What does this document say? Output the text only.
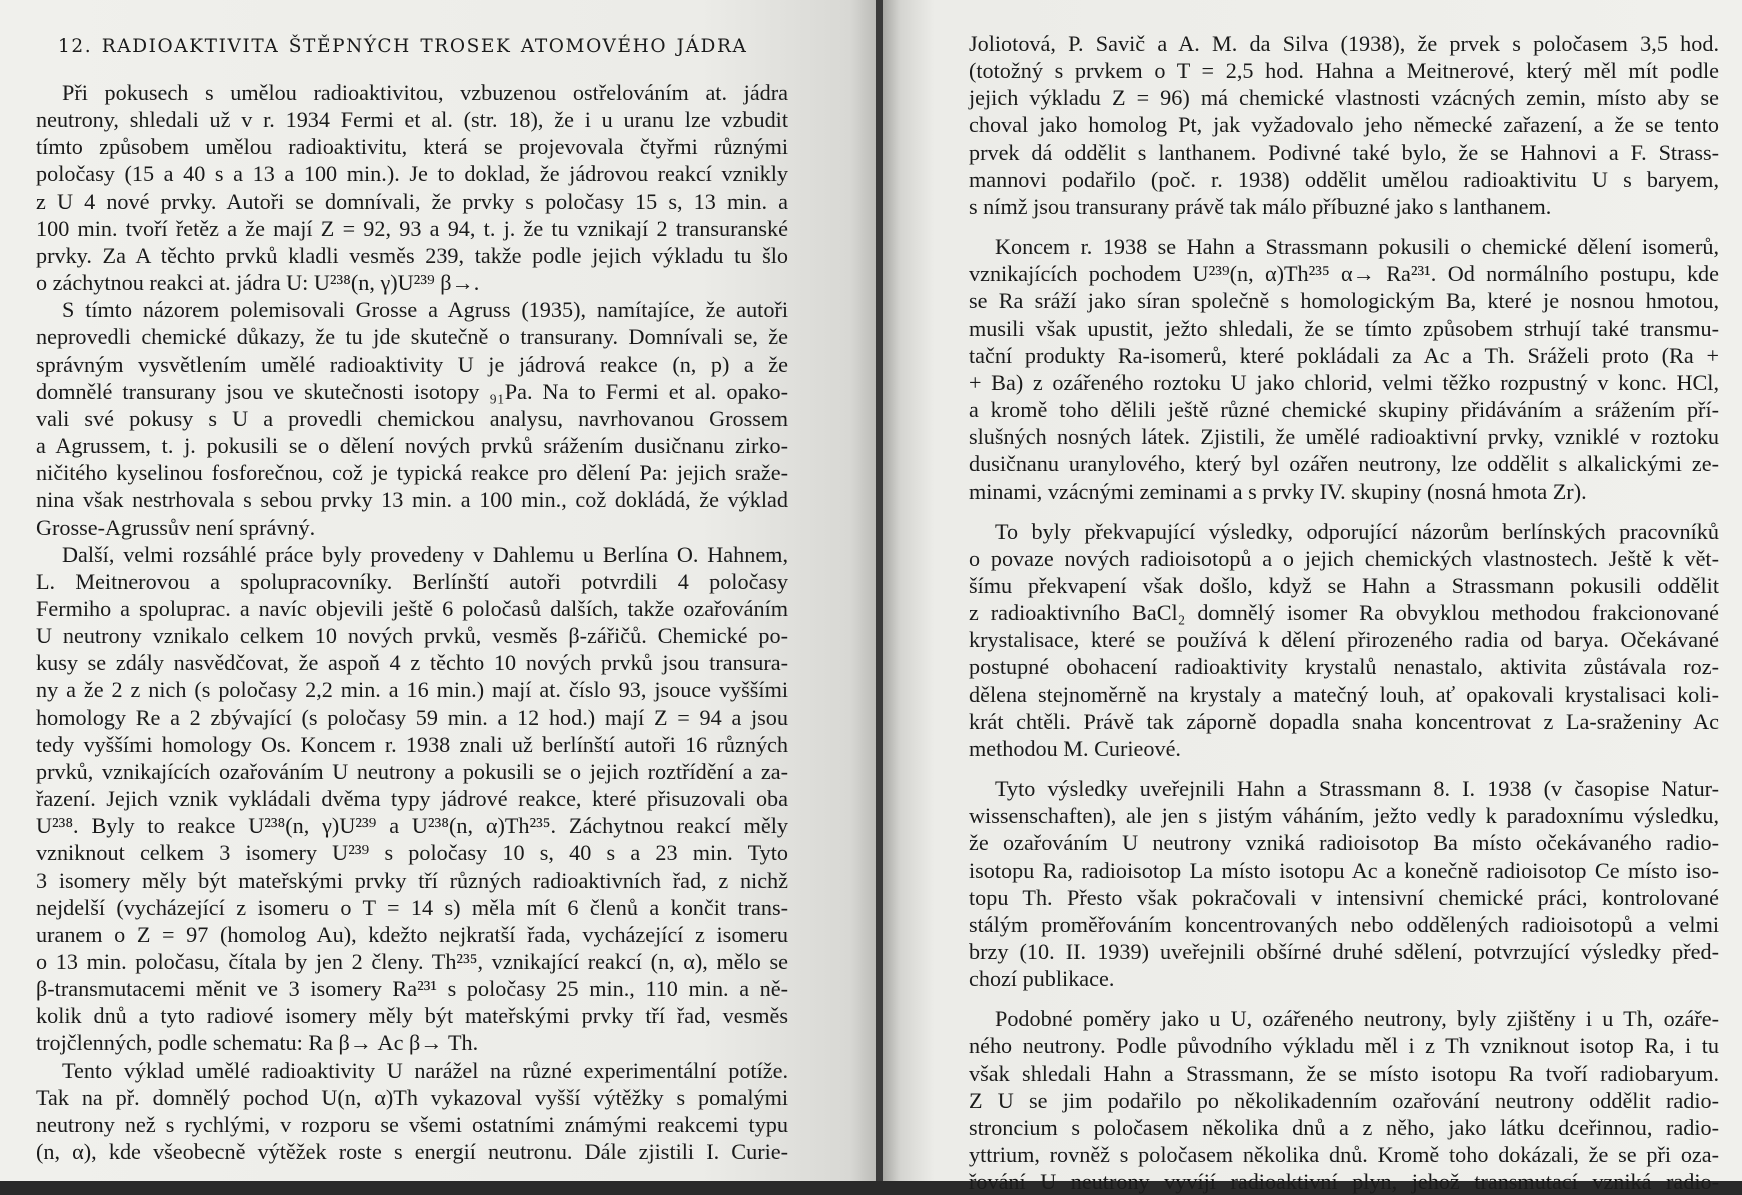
12. RADIOAKTIVITA ŠTĚPNÝCH TROSEK ATOMOVÉHO JÁDRA

Při pokusech s umělou radioaktivitou, vzbuzenou ostřelováním at. jádra

neutrony, shledali už v r. 1934 Fermi et al. (str. 18), že i u uranu lze vzbudit

tímto způsobem umělou radioaktivitu, která se projevovala čtyřmi různými

poločasy (15 a 40 s a 13 a 100 min.). Je to doklad, že jádrovou reakcí vznikly

z U 4 nové prvky. Autoři se domnívali, že prvky s poločasy 15 s, 13 min. a

100 min. tvoří řetěz a že mají Z = 92, 93 a 94, t. j. že tu vznikají 2 transuranské

prvky. Za A těchto prvků kladli vesměs 239, takže podle jejich výkladu tu šlo

o záchytnou reakci at. jádra U: U²³⁸(n, γ)U²³⁹ β→.

S tímto názorem polemisovali Grosse a Agruss (1935), namítajíce, že autoři

neprovedli chemické důkazy, že tu jde skutečně o transurany. Domnívali se, že

správným vysvětlením umělé radioaktivity U je jádrová reakce (n, p) a že

domnělé transurany jsou ve skutečnosti isotopy ₉₁Pa. Na to Fermi et al. opako-

vali své pokusy s U a provedli chemickou analysu, navrhovanou Grossem

a Agrussem, t. j. pokusili se o dělení nových prvků srážením dusičnanu zirko-

ničitého kyselinou fosforečnou, což je typická reakce pro dělení Pa: jejich sraže-

nina však nestrhovala s sebou prvky 13 min. a 100 min., což dokládá, že výklad

Grosse-Agrussův není správný.

Další, velmi rozsáhlé práce byly provedeny v Dahlemu u Berlína O. Hahnem,

L. Meitnerovou a spolupracovníky. Berlínští autoři potvrdili 4 poločasy

Fermiho a spoluprac. a navíc objevili ještě 6 poločasů dalších, takže ozařováním

U neutrony vznikalo celkem 10 nových prvků, vesměs β-zářičů. Chemické po-

kusy se zdály nasvědčovat, že aspoň 4 z těchto 10 nových prvků jsou transura-

ny a že 2 z nich (s poločasy 2,2 min. a 16 min.) mají at. číslo 93, jsouce vyššími

homology Re a 2 zbývající (s poločasy 59 min. a 12 hod.) mají Z = 94 a jsou

tedy vyššími homology Os. Koncem r. 1938 znali už berlínští autoři 16 různých

prvků, vznikajících ozařováním U neutrony a pokusili se o jejich roztřídění a za-

řazení. Jejich vznik vykládali dvěma typy jádrové reakce, které přisuzovali oba

U²³⁸. Byly to reakce U²³⁸(n, γ)U²³⁹ a U²³⁸(n, α)Th²³⁵. Záchytnou reakcí měly

vzniknout celkem 3 isomery U²³⁹ s poločasy 10 s, 40 s a 23 min. Tyto

3 isomery měly být mateřskými prvky tří různých radioaktivních řad, z nichž

nejdelší (vycházející z isomeru o T = 14 s) měla mít 6 členů a končit trans-

uranem o Z = 97 (homolog Au), kdežto nejkratší řada, vycházející z isomeru

o 13 min. poločasu, čítala by jen 2 členy. Th²³⁵, vznikající reakcí (n, α), mělo se

β-transmutacemi měnit ve 3 isomery Ra²³¹ s poločasy 25 min., 110 min. a ně-

kolik dnů a tyto radiové isomery měly být mateřskými prvky tří řad, vesměs

trojčlenných, podle schematu: Ra β→ Ac β→ Th.

Tento výklad umělé radioaktivity U narážel na různé experimentální potíže.

Tak na př. domnělý pochod U(n, α)Th vykazoval vyšší výtěžky s pomalými

neutrony než s rychlými, v rozporu se všemi ostatními známými reakcemi typu

(n, α), kde všeobecně výtěžek roste s energií neutronu. Dále zjistili I. Curie-

Joliotová, P. Savič a A. M. da Silva (1938), že prvek s poločasem 3,5 hod.

(totožný s prvkem o T = 2,5 hod. Hahna a Meitnerové, který měl mít podle

jejich výkladu Z = 96) má chemické vlastnosti vzácných zemin, místo aby se

choval jako homolog Pt, jak vyžadovalo jeho německé zařazení, a že se tento

prvek dá oddělit s lanthanem. Podivné také bylo, že se Hahnovi a F. Strass-

mannovi podařilo (poč. r. 1938) oddělit umělou radioaktivitu U s baryem,

s nímž jsou transurany právě tak málo příbuzné jako s lanthanem.

Koncem r. 1938 se Hahn a Strassmann pokusili o chemické dělení isomerů,

vznikajících pochodem U²³⁹(n, α)Th²³⁵ α→ Ra²³¹. Od normálního postupu, kde

se Ra sráží jako síran společně s homologickým Ba, které je nosnou hmotou,

musili však upustit, ježto shledali, že se tímto způsobem strhují také transmu-

tační produkty Ra-isomerů, které pokládali za Ac a Th. Sráželi proto (Ra +

+ Ba) z ozářeného roztoku U jako chlorid, velmi těžko rozpustný v konc. HCl,

a kromě toho dělili ještě různé chemické skupiny přidáváním a srážením pří-

slušných nosných látek. Zjistili, že umělé radioaktivní prvky, vzniklé v roztoku

dusičnanu uranylového, který byl ozářen neutrony, lze oddělit s alkalickými ze-

minami, vzácnými zeminami a s prvky IV. skupiny (nosná hmota Zr).

To byly překvapující výsledky, odporující názorům berlínských pracovníků

o povaze nových radioisotopů a o jejich chemických vlastnostech. Ještě k vět-

šímu překvapení však došlo, když se Hahn a Strassmann pokusili oddělit

z radioaktivního BaCl₂ domnělý isomer Ra obvyklou methodou frakcionované

krystalisace, které se používá k dělení přirozeného radia od barya. Očekávané

postupné obohacení radioaktivity krystalů nenastalo, aktivita zůstávala roz-

dělena stejnoměrně na krystaly a matečný louh, ať opakovali krystalisaci koli-

krát chtěli. Právě tak záporně dopadla snaha koncentrovat z La-sraženiny Ac

methodou M. Curieové.

Tyto výsledky uveřejnili Hahn a Strassmann 8. I. 1938 (v časopise Natur-

wissenschaften), ale jen s jistým váháním, ježto vedly k paradoxnímu výsledku,

že ozařováním U neutrony vzniká radioisotop Ba místo očekávaného radio-

isotopu Ra, radioisotop La místo isotopu Ac a konečně radioisotop Ce místo iso-

topu Th. Přesto však pokračovali v intensivní chemické práci, kontrolované

stálým proměřováním koncentrovaných nebo oddělených radioisotopů a velmi

brzy (10. II. 1939) uveřejnili obšírné druhé sdělení, potvrzující výsledky před-

chozí publikace.

Podobné poměry jako u U, ozářeného neutrony, byly zjištěny i u Th, ozáře-

ného neutrony. Podle původního výkladu měl i z Th vzniknout isotop Ra, i tu

však shledali Hahn a Strassmann, že se místo isotopu Ra tvoří radiobaryum.

Z U se jim podařilo po několikadenním ozařování neutrony oddělit radio-

stroncium s poločasem několika dnů a z něho, jako látku dceřinnou, radio-

yttrium, rovněž s poločasem několika dnů. Kromě toho dokázali, že se při oza-

řování U neutrony vyvíjí radioaktivní plyn, jehož transmutací vzniká radio-
